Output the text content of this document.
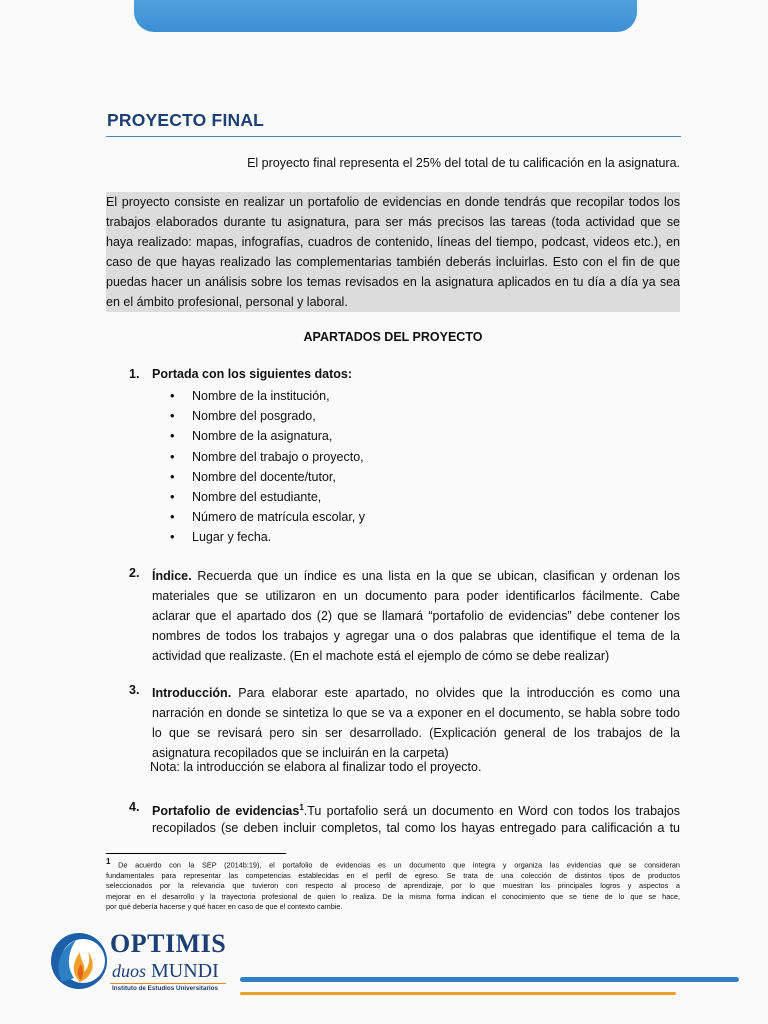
PROYECTO FINAL

El proyecto final representa el 25% del total de tu calificación en la asignatura.

El proyecto consiste en realizar un portafolio de evidencias en donde tendrás que recopilar todos los
trabajos elaborados durante tu asignatura, para ser más precisos las tareas (toda actividad que se
haya realizado: mapas, infografías, cuadros de contenido, líneas del tiempo, podcast, videos etc.), en
caso de que hayas realizado las complementarias también deberás incluirlas. Esto con el fin de que
puedas hacer un análisis sobre los temas revisados en la asignatura aplicados en tu día a día ya sea
en el ámbito profesional, personal y laboral.
APARTADOS DEL PROYECTO
1. Portada con los siguientes datos:
• Nombre de la institución,
• Nombre del posgrado,
• Nombre de la asignatura,
• Nombre del trabajo o proyecto,
• Nombre del docente/tutor,
• Nombre del estudiante,
• Número de matrícula escolar, y
• Lugar y fecha.
2. Índice. Recuerda que un índice es una lista en la que se ubican, clasifican y ordenan los
materiales que se utilizaron en un documento para poder identificarlos fácilmente. Cabe
aclarar que el apartado dos (2) que se llamará “portafolio de evidencias” debe contener los
nombres de todos los trabajos y agregar una o dos palabras que identifique el tema de la
actividad que realizaste. (En el machote está el ejemplo de cómo se debe realizar)
3. Introducción. Para elaborar este apartado, no olvides que la introducción es como una
narración en donde se sintetiza lo que se va a exponer en el documento, se habla sobre todo
lo que se revisará pero sin ser desarrollado. (Explicación general de los trabajos de la
asignatura recopilados que se incluirán en la carpeta)
Nota: la introducción se elabora al finalizar todo el proyecto.
4. Portafolio de evidencias$^1$.Tu portafolio será un documento en Word con todos los trabajos
recopilados (se deben incluir completos, tal como los hayas entregado para calificación a tu
$^1$ De acuerdo con la SEP (2014b:19), el portafolio de evidencias es un documento que integra y organiza las evidencias que se consideran
fundamentales para representar las competencias establecidas en el perfil de egreso. Se trata de una colección de distintos tipos de productos
seleccionados por la relevancia que tuvieron con respecto al proceso de aprendizaje, por lo que muestran los principales logros y aspectos a
mejorar en el desarrollo y la trayectoria profesional de quien lo realiza. De la misma forma indican el conocimiento que se tiene de lo que se hace,
por qué debería hacerse y qué hacer en caso de que el contexto cambie.

OPTIMIS

duos MUNDI

Instituto de Estudios Universitarios
